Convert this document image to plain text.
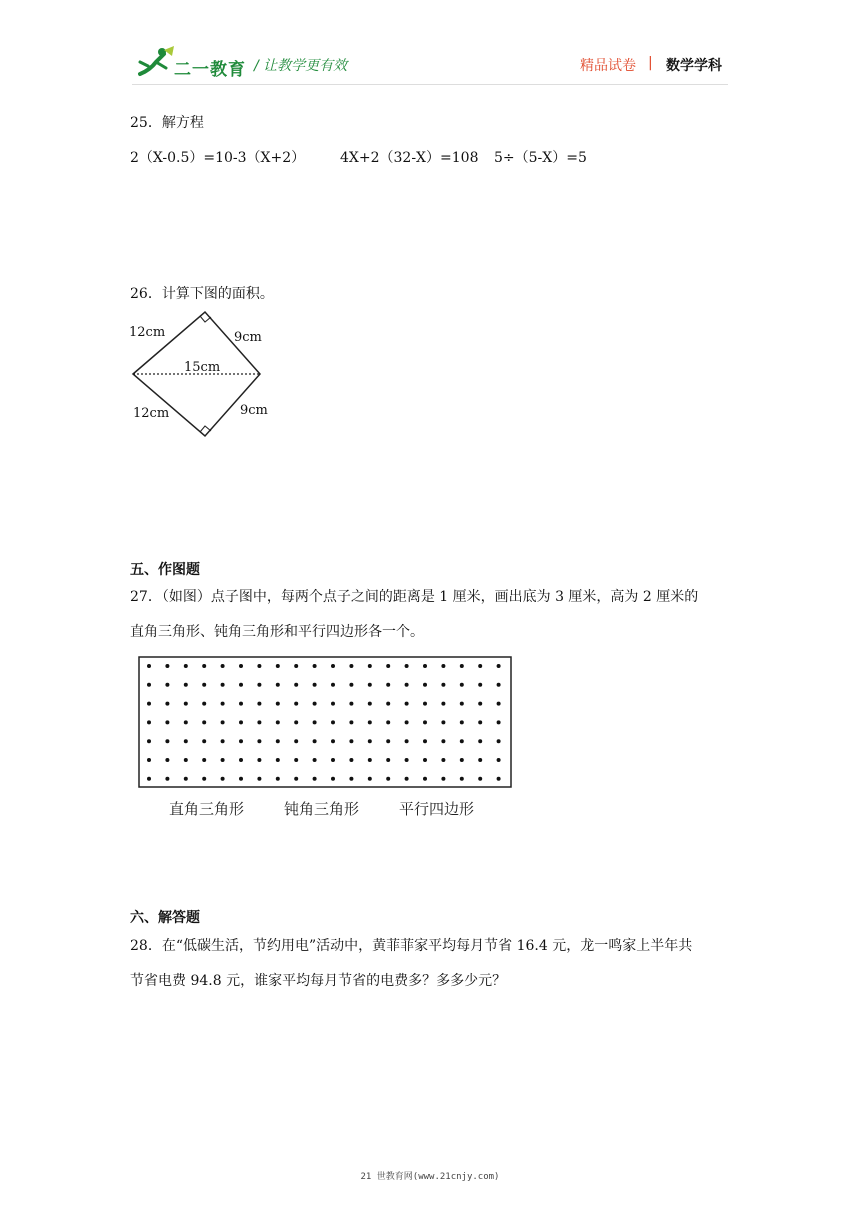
二一教育 / 让教学更有效	精品试卷 | 数学学科
25．解方程
2（X-0.5）=10-3（X+2） 4X+2（32-X）=108 5÷（5-X）=5
26．计算下图的面积。
12cm	9cm
15cm
12cm	9cm
五、作图题
27．（如图）点子图中，每两个点子之间的距离是 1 厘米，画出底为 3 厘米，高为 2 厘米的
直角三角形、钝角三角形和平行四边形各一个。
直角三角形	钝角三角形	平行四边形
六、解答题
28．在“低碳生活，节约用电”活动中，黄菲菲家平均每月节省 16.4 元，龙一鸣家上半年共
节省电费 94.8 元，谁家平均每月节省的电费多？多多少元？
21 世教育网(www.21cnjy.com)
